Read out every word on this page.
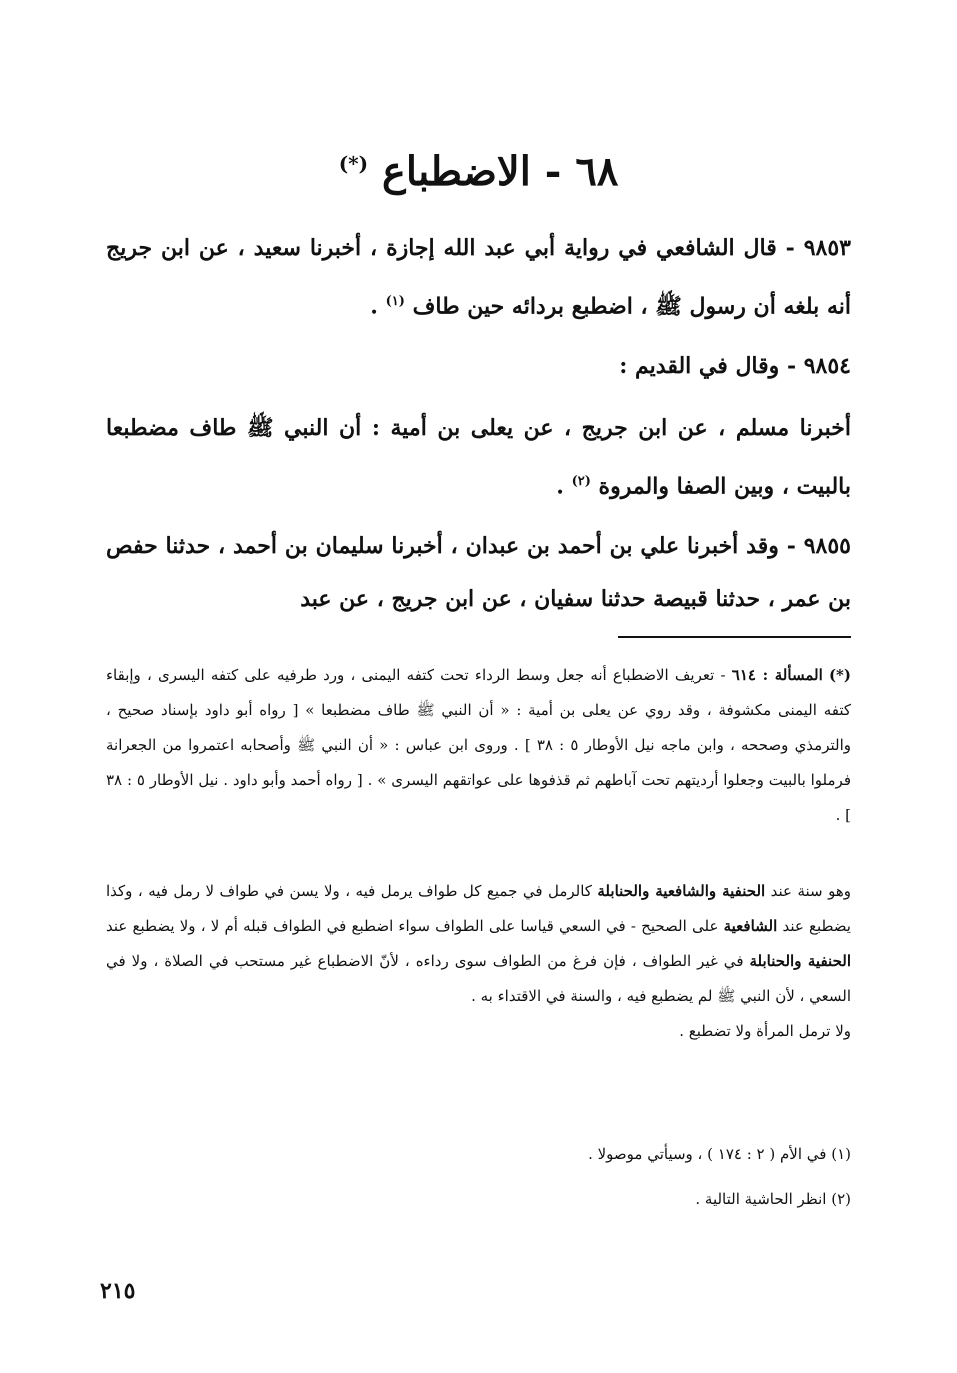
٦٨ - الاضطباع (*)
٩٨٥٣ - قال الشافعي في رواية أبي عبد الله إجازة ، أخبرنا سعيد ، عن ابن جريج أنه بلغه أن رسول ﷺ ، اضطبع بردائه حين طاف $^{(١)}$ .
٩٨٥٤ - وقال في القديم :
أخبرنا مسلم ، عن ابن جريج ، عن يعلى بن أمية : أن النبي ﷺ طاف مضطبعا بالبيت ، وبين الصفا والمروة $^{(٢)}$ .
٩٨٥٥ - وقد أخبرنا علي بن أحمد بن عبدان ، أخبرنا سليمان بن أحمد ، حدثنا حفص بن عمر ، حدثنا قبيصة حدثنا سفيان ، عن ابن جريج ، عن عبد
(*) المسألة : ٦١٤ - تعريف الاضطباع أنه جعل وسط الرداء تحت كتفه اليمنى ، ورد طرفيه على كتفه اليسرى ، وإبقاء كتفه اليمنى مكشوفة ، وقد روي عن يعلى بن أمية : « أن النبي ﷺ طاف مضطبعا » [ رواه أبو داود بإسناد صحيح ، والترمذي وصححه ، وابن ماجه نيل الأوطار ٥ : ٣٨ ] . وروى ابن عباس : « أن النبي ﷺ وأصحابه اعتمروا من الجعرانة فرملوا بالبيت وجعلوا أرديتهم تحت آباطهم ثم قذفوها على عواتقهم اليسرى » . [ رواه أحمد وأبو داود . نيل الأوطار ٥ : ٣٨ ] .
وهو سنة عند الحنفية والشافعية والحنابلة كالرمل في جميع كل طواف يرمل فيه ، ولا يسن في طواف لا رمل فيه ، وكذا يضطبع عند الشافعية على الصحيح - في السعي قياسا على الطواف سواء اضطبع في الطواف قبله أم لا ، ولا يضطبع عند الحنفية والحنابلة في غير الطواف ، فإن فرغ من الطواف سوى رداءه ، لأنّ الاضطباع غير مستحب في الصلاة ، ولا في السعي ، لأن النبي ﷺ لم يضطبع فيه ، والسنة في الاقتداء به .
ولا ترمل المرأة ولا تضطبع .
(١) في الأم ( ٢ : ١٧٤ ) ، وسيأتي موصولا .
(٢) انظر الحاشية التالية .
٢١٥
